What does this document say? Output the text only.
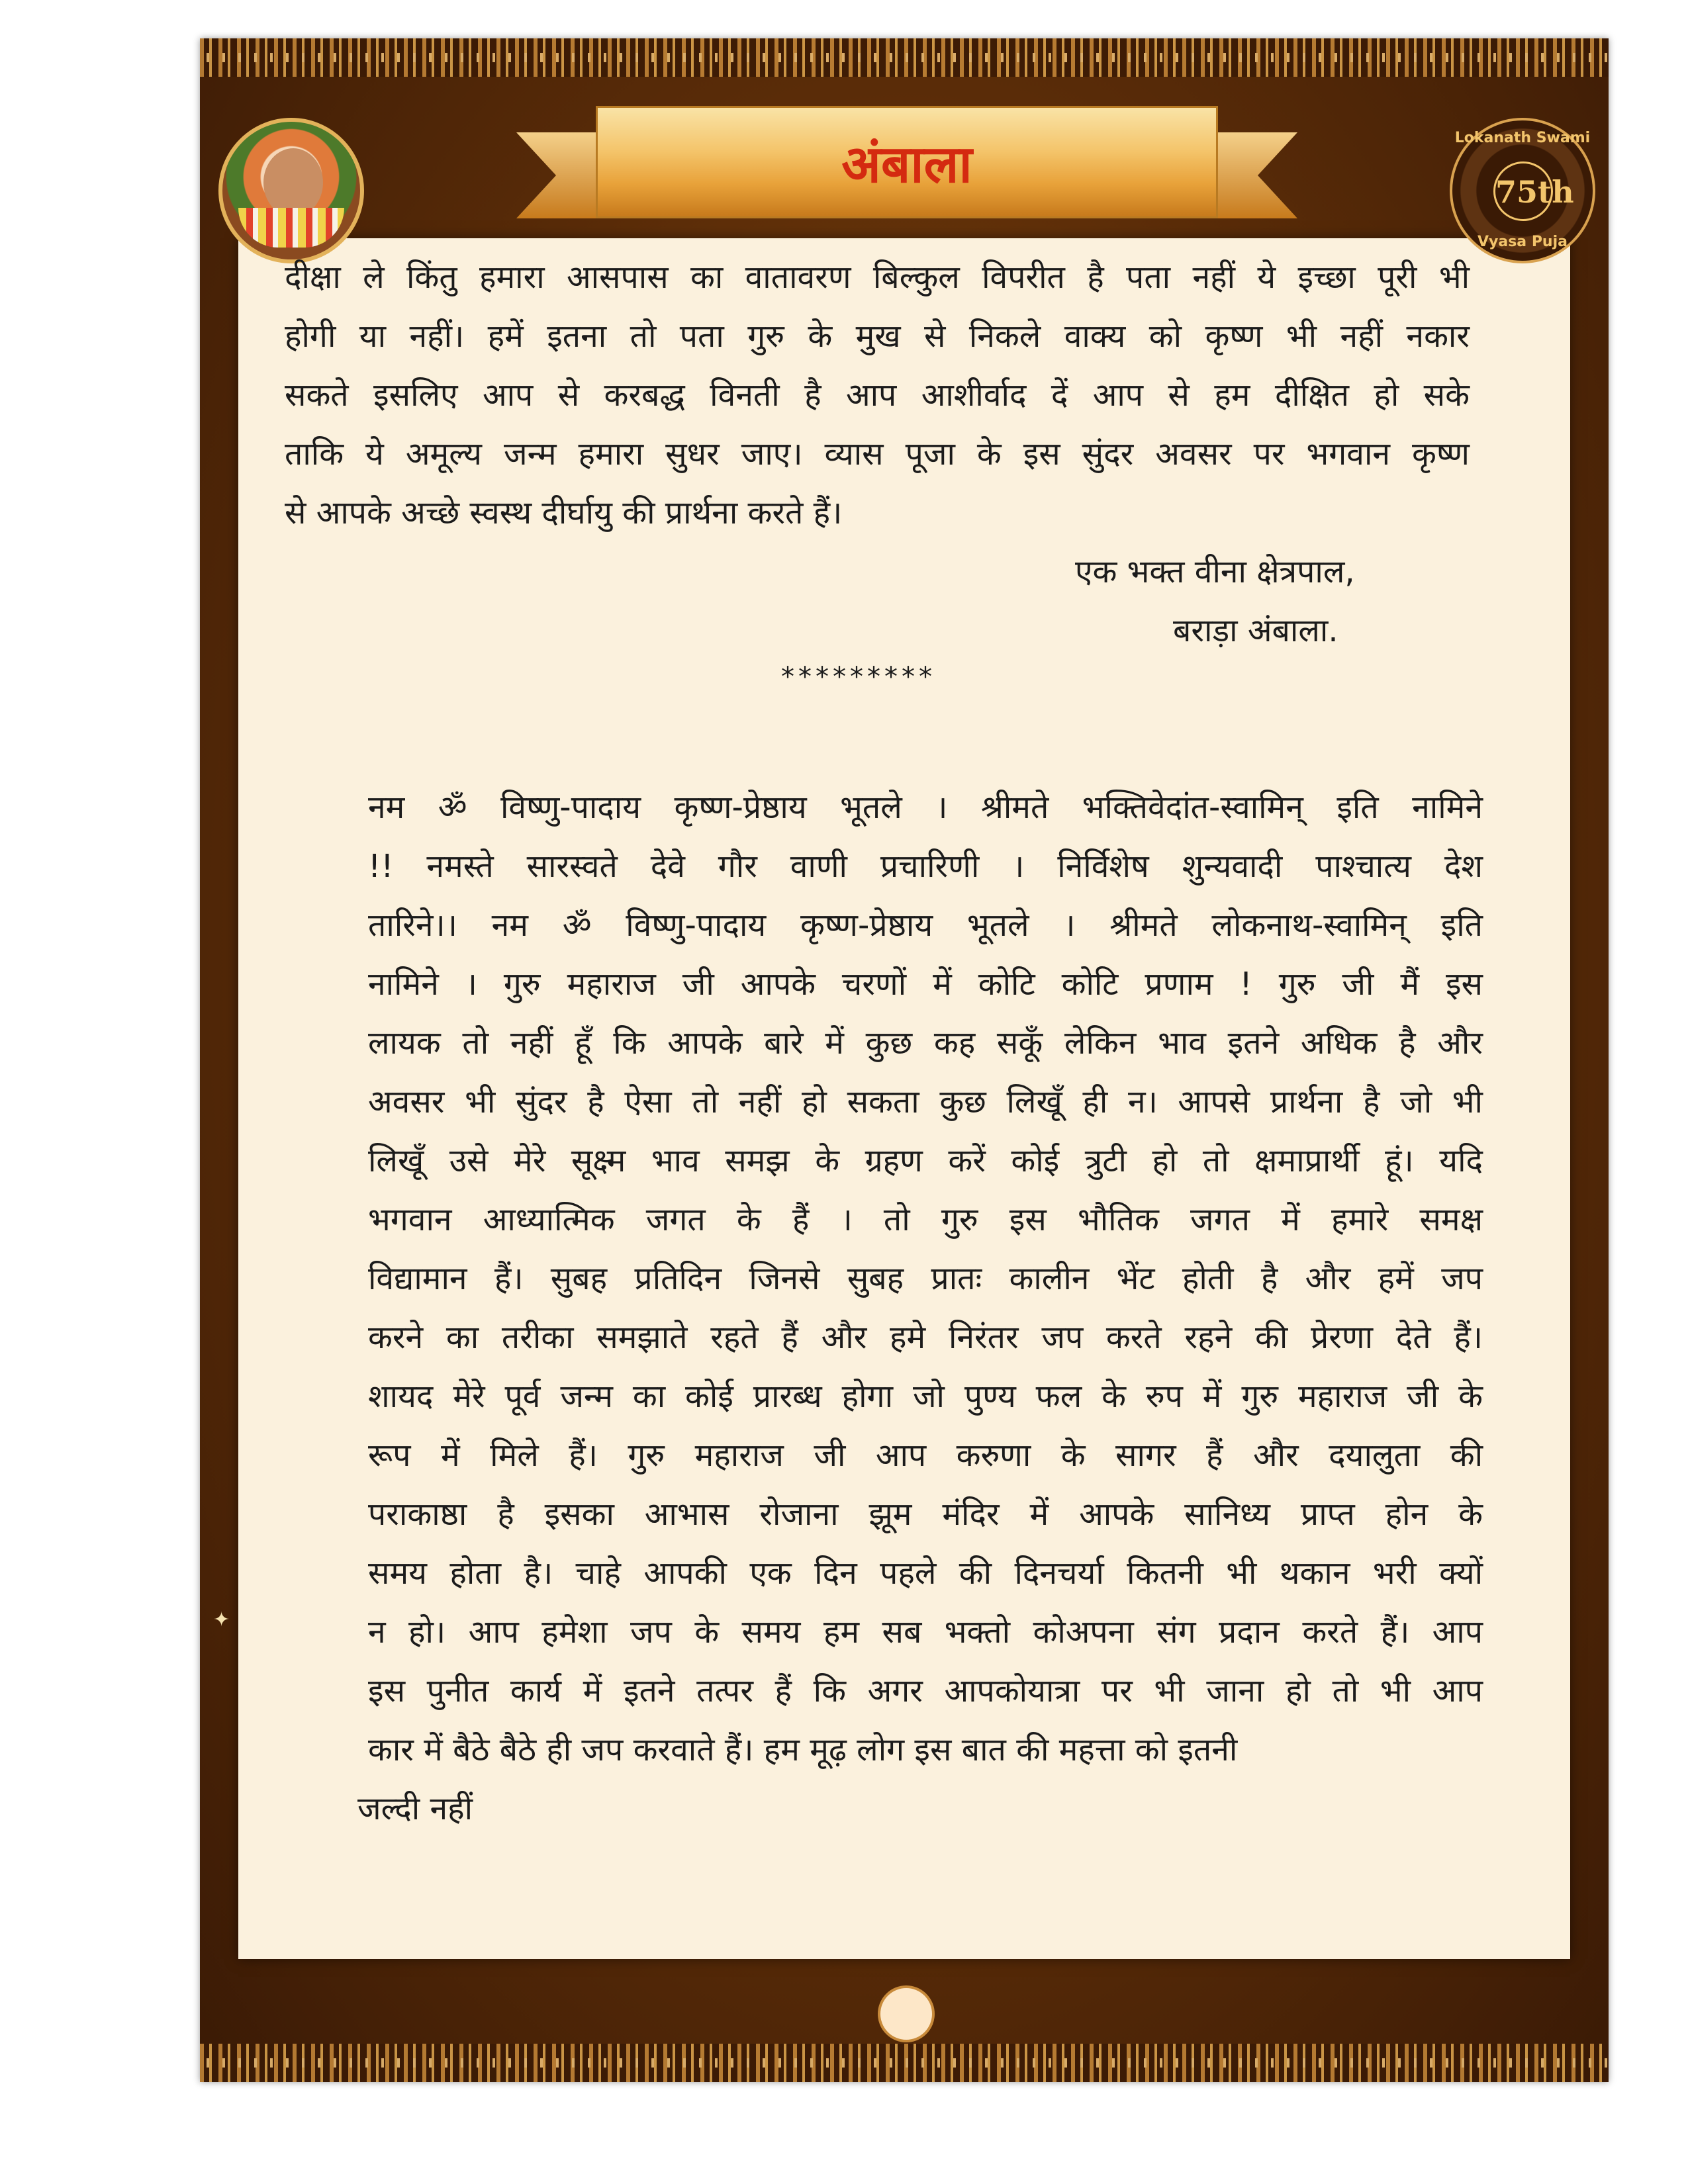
अंबाला	Lokanath Swami
75th
Vyasa Puja
दीक्षा ले किंतु हमारा आसपास का वातावरण बिल्कुल विपरीत है पता नहीं ये इच्छा पूरी भी
होगी या नहीं। हमें इतना तो पता गुरु के मुख से निकले वाक्य को कृष्ण भी नहीं नकार
सकते इसलिए आप से करबद्ध विनती है आप आशीर्वाद दें आप से हम दीक्षित हो सके
ताकि ये अमूल्य जन्म हमारा सुधर जाए। व्यास पूजा के इस सुंदर अवसर पर भगवान कृष्ण
से आपके अच्छे स्वस्थ दीर्घायु की प्रार्थना करते हैं।
एक भक्त वीना क्षेत्रपाल,
बराड़ा अंबाला.
*********
नम ॐ विष्णु-पादाय कृष्ण-प्रेष्ठाय भूतले । श्रीमते भक्तिवेदांत-स्वामिन् इति नामिने
!! नमस्ते सारस्वते देवे गौर वाणी प्रचारिणी । निर्विशेष शुन्यवादी पाश्चात्य देश
तारिने।। नम ॐ विष्णु-पादाय कृष्ण-प्रेष्ठाय भूतले । श्रीमते लोकनाथ-स्वामिन् इति
नामिने । गुरु महाराज जी आपके चरणों में कोटि कोटि प्रणाम ! गुरु जी मैं इस
लायक तो नहीं हूँ कि आपके बारे में कुछ कह सकूँ लेकिन भाव इतने अधिक है और
अवसर भी सुंदर है ऐसा तो नहीं हो सकता कुछ लिखूँ ही न। आपसे प्रार्थना है जो भी
लिखूँ उसे मेरे सूक्ष्म भाव समझ के ग्रहण करें कोई त्रुटी हो तो क्षमाप्रार्थी हूं। यदि
भगवान आध्यात्मिक जगत के हैं । तो गुरु इस भौतिक जगत में हमारे समक्ष
विद्यामान हैं। सुबह प्रतिदिन जिनसे सुबह प्रातः कालीन भेंट होती है और हमें जप
करने का तरीका समझाते रहते हैं और हमे निरंतर जप करते रहने की प्रेरणा देते हैं।
शायद मेरे पूर्व जन्म का कोई प्रारब्ध होगा जो पुण्य फल के रुप में गुरु महाराज जी के
रूप में मिले हैं। गुरु महाराज जी आप करुणा के सागर हैं और दयालुता की
पराकाष्ठा है इसका आभास रोजाना झूम मंदिर में आपके सानिध्य प्राप्त होन के
समय होता है। चाहे आपकी एक दिन पहले की दिनचर्या कितनी भी थकान भरी क्यों
न हो। आप हमेशा जप के समय हम सब भक्तो कोअपना संग प्रदान करते हैं। आप
इस पुनीत कार्य में इतने तत्पर हैं कि अगर आपकोयात्रा पर भी जाना हो तो भी आप
कार में बैठे बैठे ही जप करवाते हैं। हम मूढ़ लोग इस बात की महत्ता को इतनी
जल्दी नहीं
✦
